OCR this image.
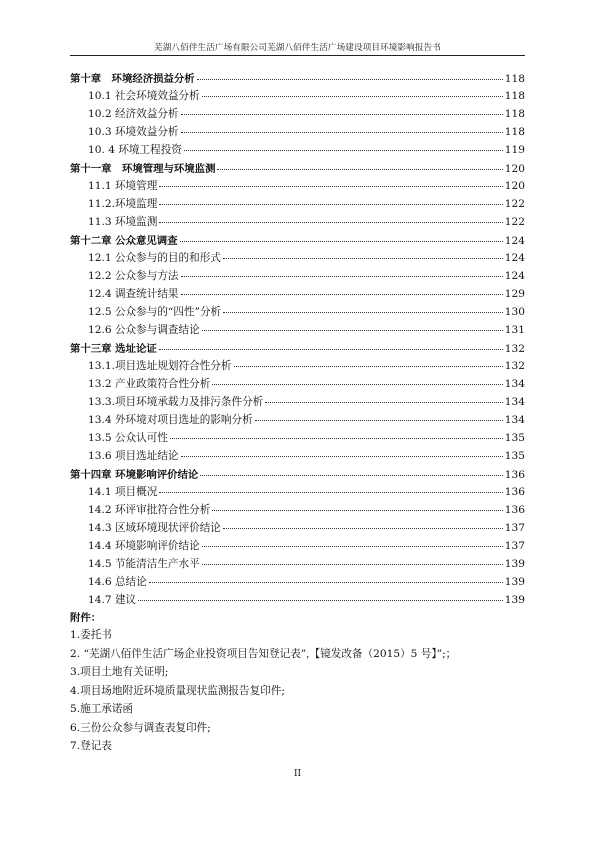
芜湖八佰伴生活广场有限公司芜湖八佰伴生活广场建设项目环境影响报告书
第十章　环境经济损益分析	118
10.1 社会环境效益分析	118
10.2 经济效益分析	118
10.3 环境效益分析	118
10. 4 环境工程投资	119
第十一章　环境管理与环境监测	120
11.1 环境管理	120
11.2.环境监理	122
11.3 环境监测	122
第十二章 公众意见调查	124
12.1 公众参与的目的和形式	124
12.2 公众参与方法	124
12.4 调查统计结果	129
12.5 公众参与的“四性”分析	130
12.6 公众参与调查结论	131
第十三章 选址论证	132
13.1.项目选址规划符合性分析	132
13.2 产业政策符合性分析	134
13.3.项目环境承载力及排污条件分析	134
13.4 外环境对项目选址的影响分析	134
13.5 公众认可性	135
13.6 项目选址结论	135
第十四章 环境影响评价结论	136
14.1 项目概况	136
14.2 环评审批符合性分析	136
14.3 区域环境现状评价结论	137
14.4 环境影响评价结论	137
14.5 节能清洁生产水平	139
14.6 总结论	139
14.7 建议	139
附件：
1.委托书
2. “芜湖八佰伴生活广场企业投资项目告知登记表”,【镜发改备（2015）5 号】”;；
3.项目土地有关证明;
4.项目场地附近环境质量现状监测报告复印件;
5.施工承诺函
6.三份公众参与调查表复印件;
7.登记表
II
